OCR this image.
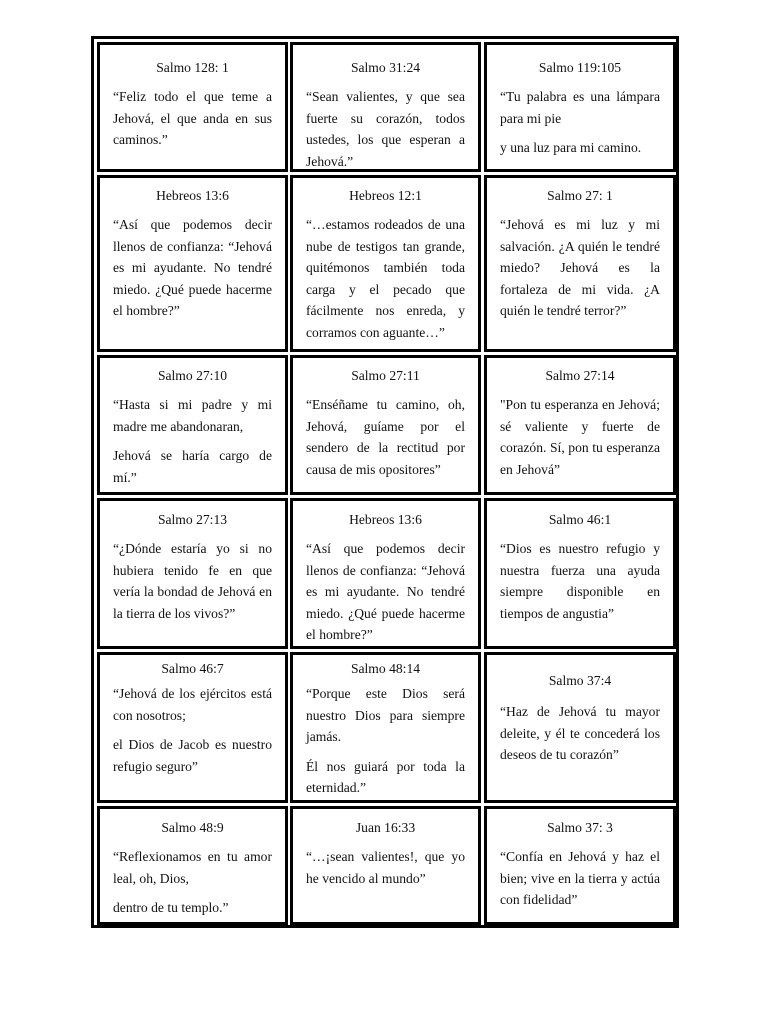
Salmo 128: 1

“Feliz todo el que teme a Jehová, el que anda en sus caminos.”

Salmo 31:24

“Sean valientes, y que sea fuerte su corazón, todos ustedes, los que esperan a Jehová.”

Salmo 119:105

“Tu palabra es una lámpara para mi pie

y una luz para mi camino.

Hebreos 13:6

“Así que podemos decir llenos de confianza: “Jehová es mi ayudante. No tendré miedo. ¿Qué puede hacerme el hombre?”

Hebreos 12:1

“…estamos rodeados de una nube de testigos tan grande, quitémonos también toda carga y el pecado que fácilmente nos enreda, y corramos con aguante…”

Salmo 27: 1

“Jehová es mi luz y mi salvación. ¿A quién le tendré miedo? Jehová es la fortaleza de mi vida. ¿A quién le tendré terror?”

Salmo 27:10

“Hasta si mi padre y mi madre me abandonaran,

Jehová se haría cargo de mí.”

Salmo 27:11

“Enséñame tu camino, oh, Jehová, guíame por el sendero de la rectitud por causa de mis opositores”

Salmo 27:14

"Pon tu esperanza en Jehová; sé valiente y fuerte de corazón. Sí, pon tu esperanza en Jehová”

Salmo 27:13

“¿Dónde estaría yo si no hubiera tenido fe en que vería la bondad de Jehová en la tierra de los vivos?”

Hebreos 13:6

“Así que podemos decir llenos de confianza: “Jehová es mi ayudante. No tendré miedo. ¿Qué puede hacerme el hombre?”

Salmo 46:1

“Dios es nuestro refugio y nuestra fuerza una ayuda siempre disponible en tiempos de angustia”

Salmo 46:7

“Jehová de los ejércitos está con nosotros;

el Dios de Jacob es nuestro refugio seguro”

Salmo 48:14

“Porque este Dios será nuestro Dios para siempre jamás.

Él nos guiará por toda la eternidad.”

Salmo 37:4

“Haz de Jehová tu mayor deleite, y él te concederá los deseos de tu corazón”

Salmo 48:9

“Reflexionamos en tu amor leal, oh, Dios,

dentro de tu templo.”

Juan 16:33

“…¡sean valientes!, que yo he vencido al mundo”

Salmo 37: 3

“Confía en Jehová y haz el bien; vive en la tierra y actúa con fidelidad”
